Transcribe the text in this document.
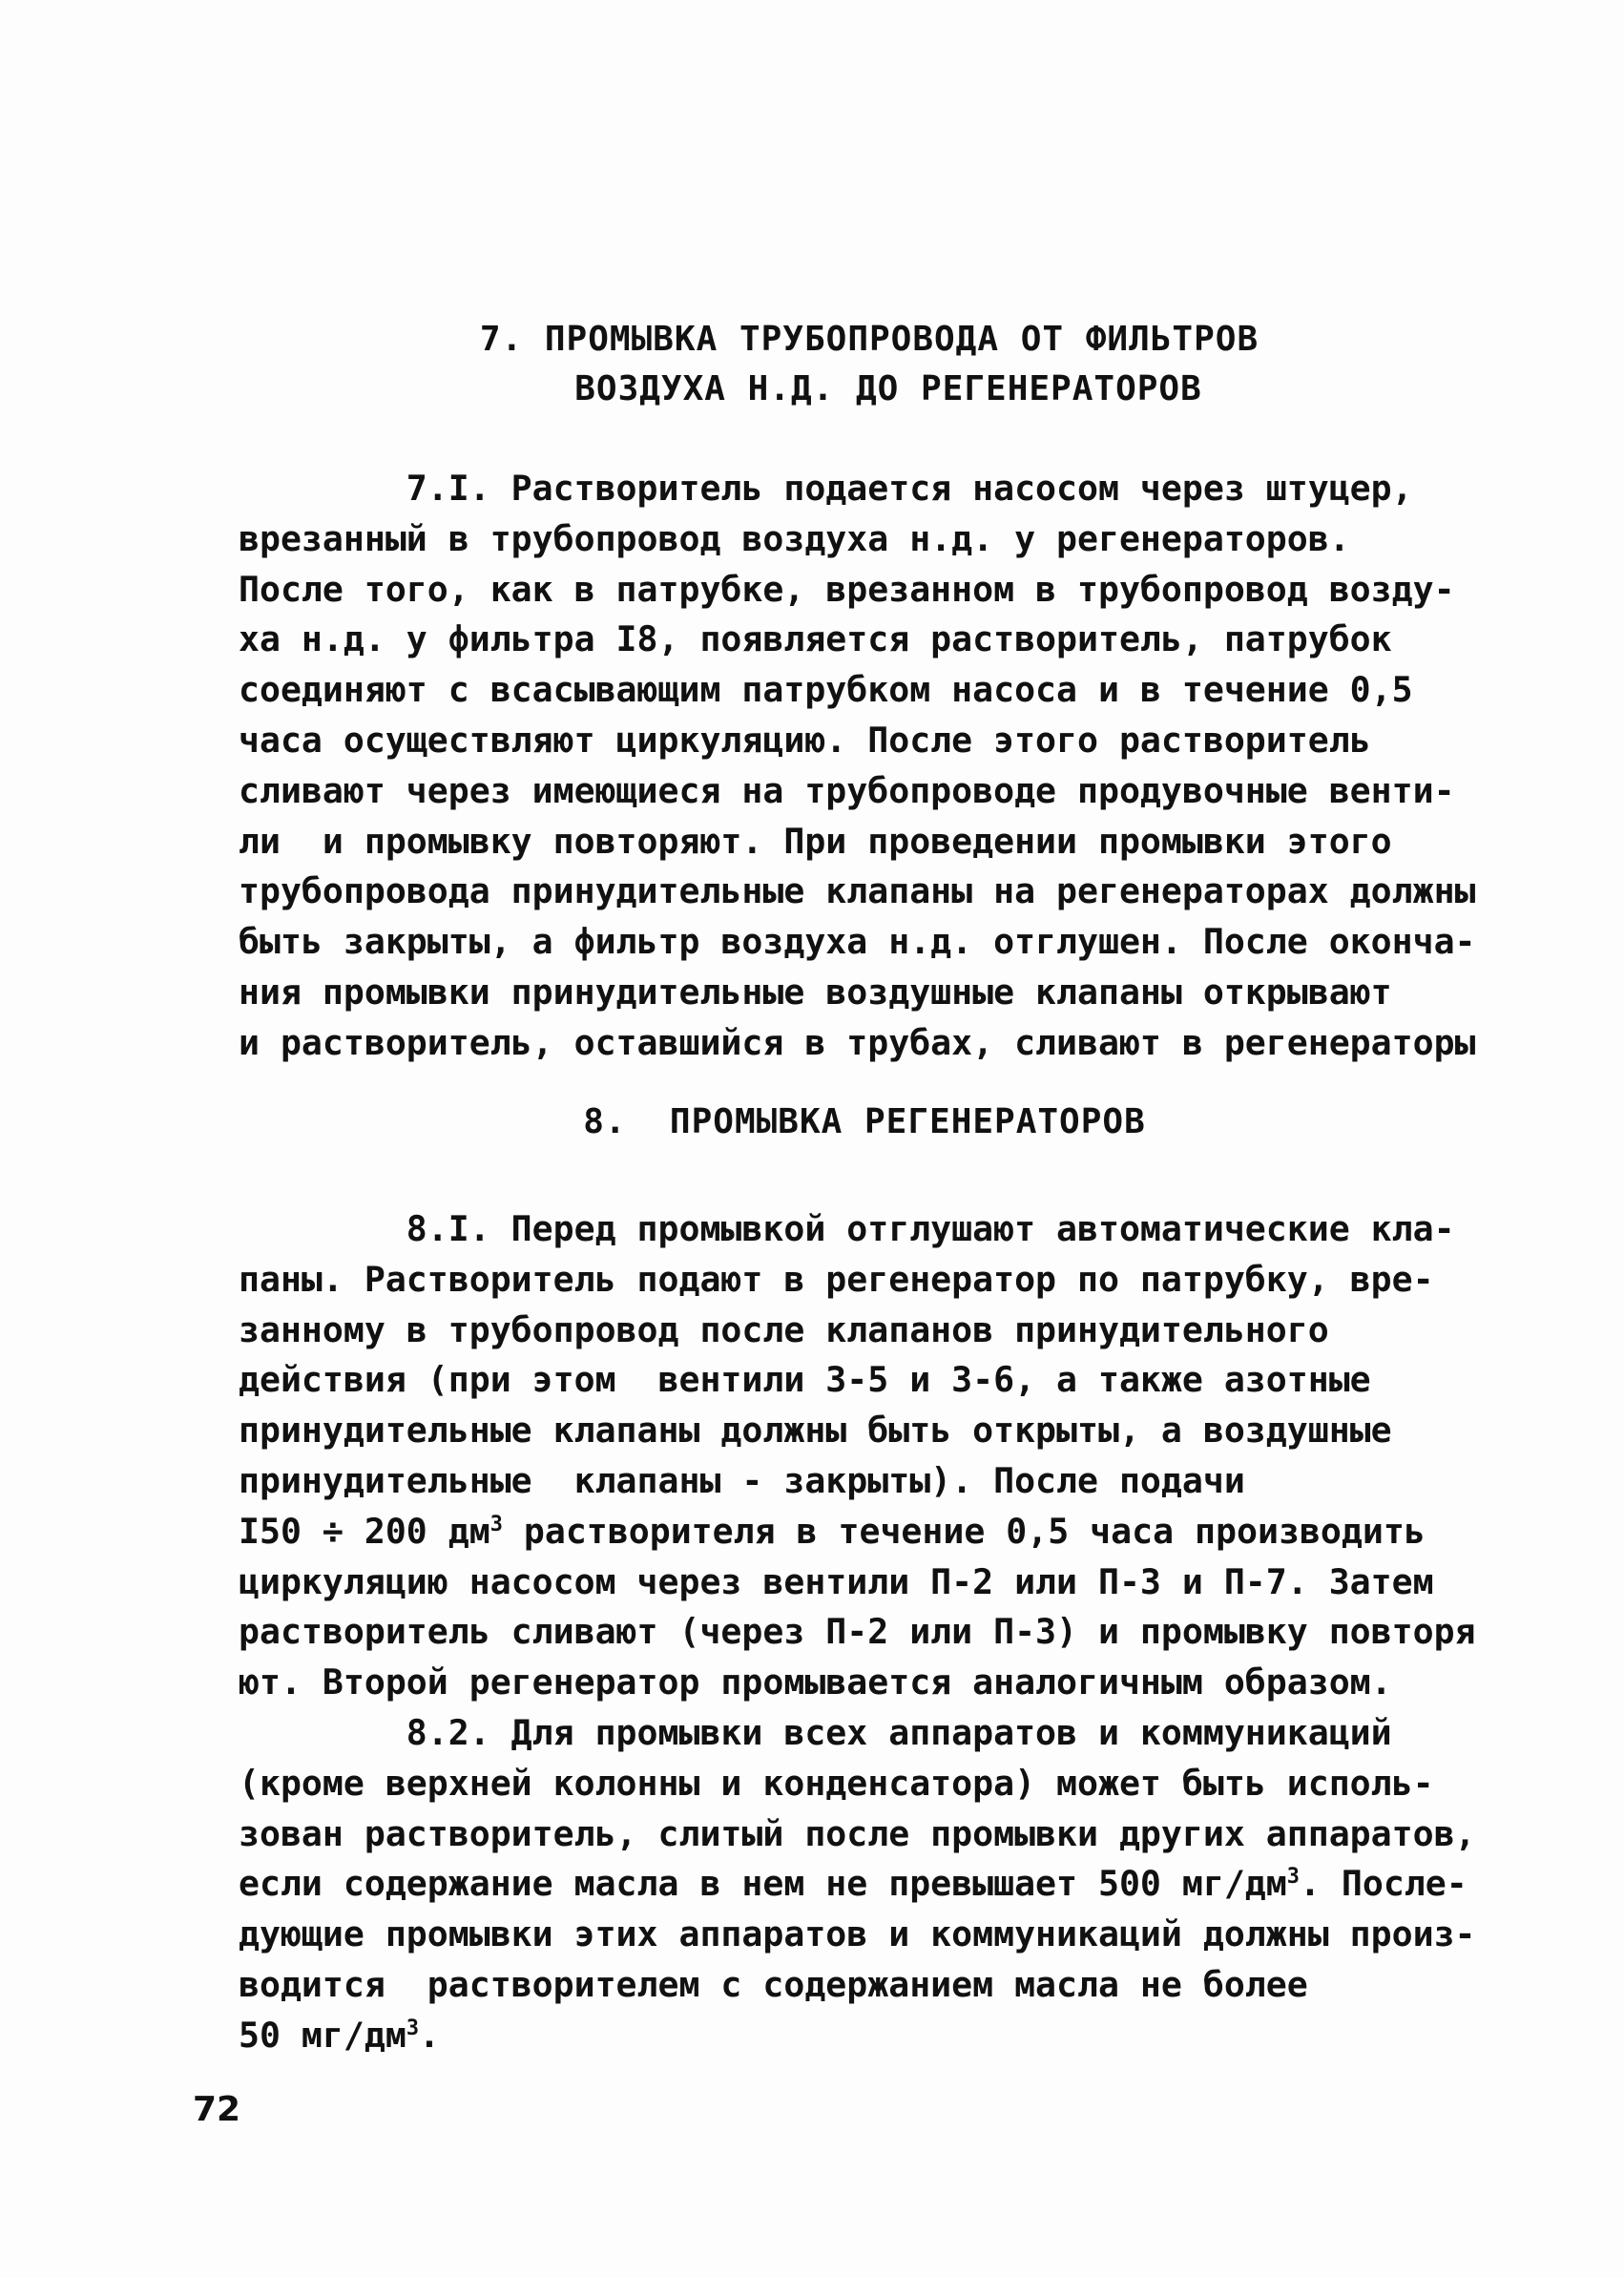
7. ПРОМЫВКА ТРУБОПРОВОДА ОТ ФИЛЬТРОВ
ВОЗДУХА Н.Д. ДО РЕГЕНЕРАТОРОВ
7.I. Растворитель подается насосом через штуцер,
врезанный в трубопровод воздуха н.д. у регенераторов.
После того, как в патрубке, врезанном в трубопровод возду-
ха н.д. у фильтра I8, появляется растворитель, патрубок
соединяют с всасывающим патрубком насоса и в течение 0,5
часа осуществляют циркуляцию. После этого растворитель
сливают через имеющиеся на трубопроводе продувочные венти-
ли  и промывку повторяют. При проведении промывки этого
трубопровода принудительные клапаны на регенераторах должны
быть закрыты, а фильтр воздуха н.д. отглушен. После оконча-
ния промывки принудительные воздушные клапаны открывают
и растворитель, оставшийся в трубах, сливают в регенераторы
8.  ПРОМЫВКА РЕГЕНЕРАТОРОВ
8.I. Перед промывкой отглушают автоматические кла-
паны. Растворитель подают в регенератор по патрубку, вре-
занному в трубопровод после клапанов принудительного
действия (при этом  вентили 3-5 и 3-6, а также азотные
принудительные клапаны должны быть открыты, а воздушные
принудительные  клапаны - закрыты). После подачи
I50 ÷ 200 $дм^3$ растворителя в течение 0,5 часа производить
циркуляцию насосом через вентили П-2 или П-3 и П-7. Затем
растворитель сливают (через П-2 или П-3) и промывку повторя
ют. Второй регенератор промывается аналогичным образом.
8.2. Для промывки всех аппаратов и коммуникаций
(кроме верхней колонны и конденсатора) может быть исполь-
зован растворитель, слитый после промывки других аппаратов,
если содержание масла в нем не превышает 500 $мг/дм^3$. После-
дующие промывки этих аппаратов и коммуникаций должны произ-
водится  растворителем с содержанием масла не более
50 $мг/дм^3$.
72
